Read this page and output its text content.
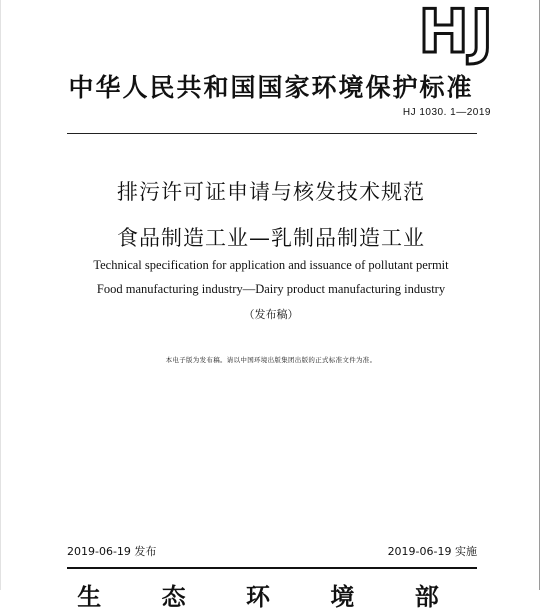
HJ
中华人民共和国国家环境保护标准
HJ 1030. 1—2019
排污许可证申请与核发技术规范
食品制造工业—乳制品制造工业
Technical specification for application and issuance of pollutant permit
Food manufacturing industry—Dairy product manufacturing industry
（发布稿）
本电子版为发布稿。请以中国环境出版集团出版的正式标准文件为准。
2019-06-19 发布	2019-06-19 实施
生 态 环 境 部
